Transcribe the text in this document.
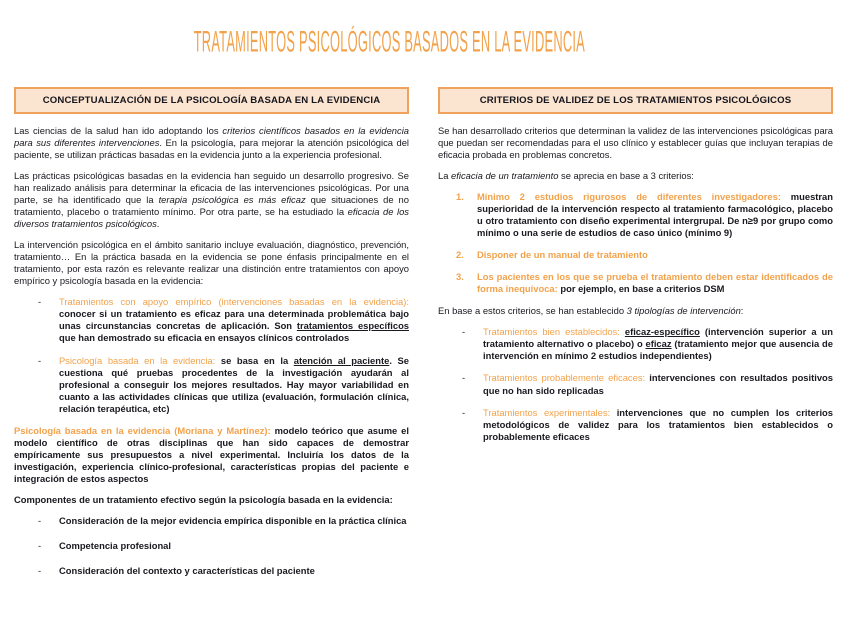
TRATAMIENTOS PSICOLÓGICOS BASADOS EN LA EVIDENCIA
CONCEPTUALIZACIÓN DE LA PSICOLOGÍA BASADA EN LA EVIDENCIA

Las ciencias de la salud han ido adoptando los criterios científicos basados en la evidencia para sus diferentes intervenciones. En la psicología, para mejorar la atención psicológica del paciente, se utilizan prácticas basadas en la evidencia junto a la experiencia profesional.

Las prácticas psicológicas basadas en la evidencia han seguido un desarrollo progresivo. Se han realizado análisis para determinar la eficacia de las intervenciones psicológicas. Por una parte, se ha identificado que la terapia psicológica es más eficaz que situaciones de no tratamiento, placebo o tratamiento mínimo. Por otra parte, se ha estudiado la eficacia de los diversos tratamientos psicológicos.

La intervención psicológica en el ámbito sanitario incluye evaluación, diagnóstico, prevención, tratamiento… En la práctica basada en la evidencia se pone énfasis principalmente en el tratamiento, por esta razón es relevante realizar una distinción entre tratamientos con apoyo empírico y psicología basada en la evidencia:

-	Tratamientos con apoyo empírico (intervenciones basadas en la evidencia): conocer si un tratamiento es eficaz para una determinada problemática bajo unas circunstancias concretas de aplicación. Son tratamientos específicos que han demostrado su eficacia en ensayos clínicos controlados
-	Psicología basada en la evidencia: se basa en la atención al paciente. Se cuestiona qué pruebas procedentes de la investigación ayudarán al profesional a conseguir los mejores resultados. Hay mayor variabilidad en cuanto a las actividades clínicas que utiliza (evaluación, formulación clínica, relación terapéutica, etc)

Psicología basada en la evidencia (Moriana y Martínez): modelo teórico que asume el modelo científico de otras disciplinas que han sido capaces de demostrar empíricamente sus presupuestos a nivel experimental. Incluiría los datos de la investigación, experiencia clínico-profesional, características propias del paciente e integración de estos aspectos

Componentes de un tratamiento efectivo según la psicología basada en la evidencia:

-	Consideración de la mejor evidencia empírica disponible en la práctica clínica
-	Competencia profesional
-	Consideración del contexto y características del paciente
CRITERIOS DE VALIDEZ DE LOS TRATAMIENTOS PSICOLÓGICOS

Se han desarrollado criterios que determinan la validez de las intervenciones psicológicas para que puedan ser recomendadas para el uso clínico y establecer guías que incluyan terapias de eficacia probada en problemas concretos.

La eficacia de un tratamiento se aprecia en base a 3 criterios:

1.	Mínimo 2 estudios rigurosos de diferentes investigadores: muestran superioridad de la intervención respecto al tratamiento farmacológico, placebo u otro tratamiento con diseño experimental intergrupal. De n≥9 por grupo como mínimo o una serie de estudios de caso único (mínimo 9)
2.	Disponer de un manual de tratamiento
3.	Los pacientes en los que se prueba el tratamiento deben estar identificados de forma inequívoca: por ejemplo, en base a criterios DSM

En base a estos criterios, se han establecido 3 tipologías de intervención:

-	Tratamientos bien establecidos: eficaz-específico (intervención superior a un tratamiento alternativo o placebo) o eficaz (tratamiento mejor que ausencia de intervención en mínimo 2 estudios independientes)
-	Tratamientos probablemente eficaces: intervenciones con resultados positivos que no han sido replicadas
-	Tratamientos experimentales: intervenciones que no cumplen los criterios metodológicos de validez para los tratamientos bien establecidos o probablemente eficaces
